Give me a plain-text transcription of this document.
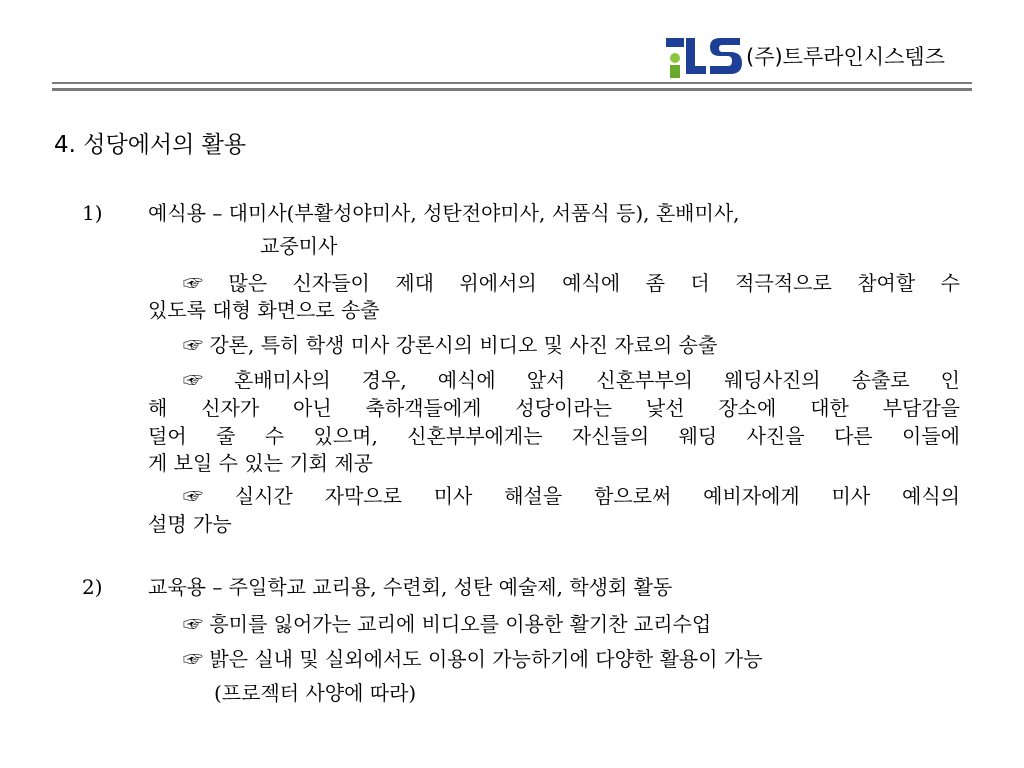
(주)트루라인시스템즈
4. 성당에서의 활용
1) 예식용 – 대미사(부활성야미사, 성탄전야미사, 서품식 등), 혼배미사,
교중미사
☞ 많은 신자들이 제대 위에서의 예식에 좀 더 적극적으로 참여할 수
있도록 대형 화면으로 송출
☞ 강론, 특히 학생 미사 강론시의 비디오 및 사진 자료의 송출
☞ 혼배미사의 경우, 예식에 앞서 신혼부부의 웨딩사진의 송출로 인
해 신자가 아닌 축하객들에게 성당이라는 낯선 장소에 대한 부담감을
덜어 줄 수 있으며, 신혼부부에게는 자신들의 웨딩 사진을 다른 이들에
게 보일 수 있는 기회 제공
☞ 실시간 자막으로 미사 해설을 함으로써 예비자에게 미사 예식의
설명 가능
2) 교육용 – 주일학교 교리용, 수련회, 성탄 예술제, 학생회 활동
☞ 흥미를 잃어가는 교리에 비디오를 이용한 활기찬 교리수업
☞ 밝은 실내 및 실외에서도 이용이 가능하기에 다양한 활용이 가능
(프로젝터 사양에 따라)
